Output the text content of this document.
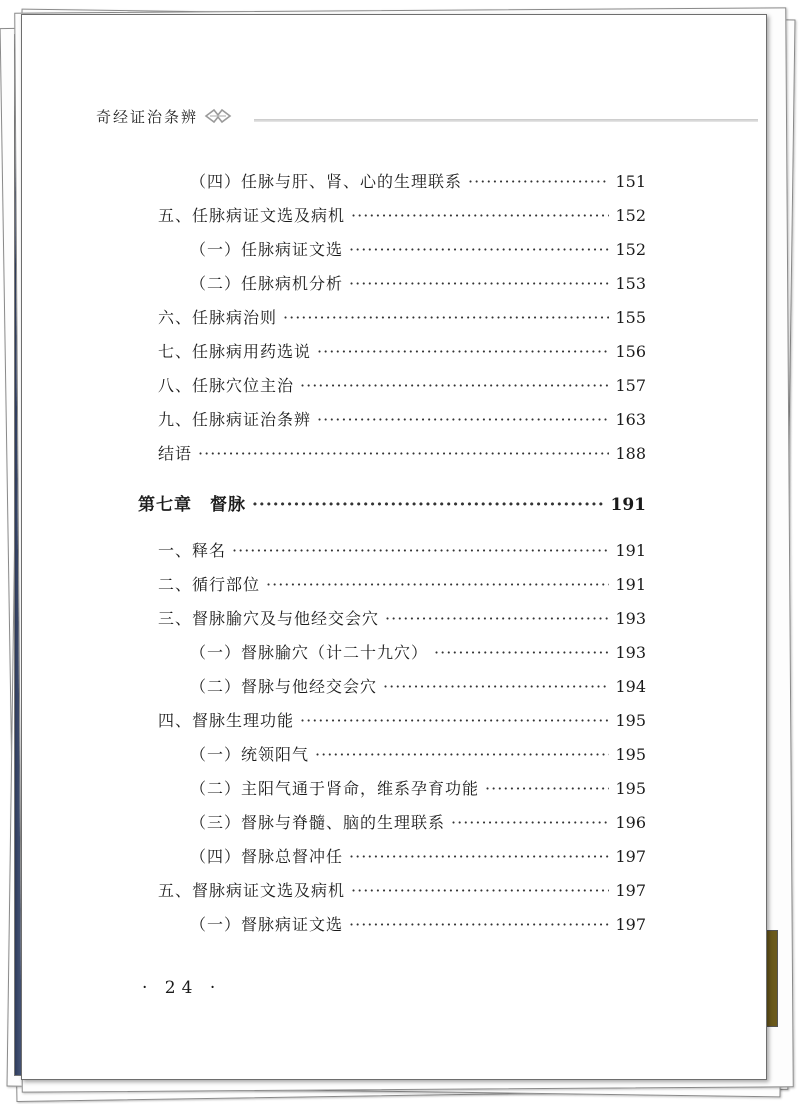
奇经证治条辨
（四）任脉与肝、肾、心的生理联系 ·····	151
五、任脉病证文选及病机 ·····	152
（一）任脉病证文选 ·····	152
（二）任脉病机分析 ·····	153
六、任脉病治则 ·····	155
七、任脉病用药选说 ·····	156
八、任脉穴位主治 ·····	157
九、任脉病证治条辨 ·····	163
结语 ·····	188
第七章　督脉 ·····	191
一、释名 ·····	191
二、循行部位 ·····	191
三、督脉腧穴及与他经交会穴 ·····	193
（一）督脉腧穴（计二十九穴） ·····	193
（二）督脉与他经交会穴 ·····	194
四、督脉生理功能 ·····	195
（一）统领阳气 ·····	195
（二）主阳气通于肾命，维系孕育功能 ·····	195
（三）督脉与脊髓、脑的生理联系 ·····	196
（四）督脉总督冲任 ·····	197
五、督脉病证文选及病机 ·····	197
（一）督脉病证文选 ·····	197
· 24 ·
